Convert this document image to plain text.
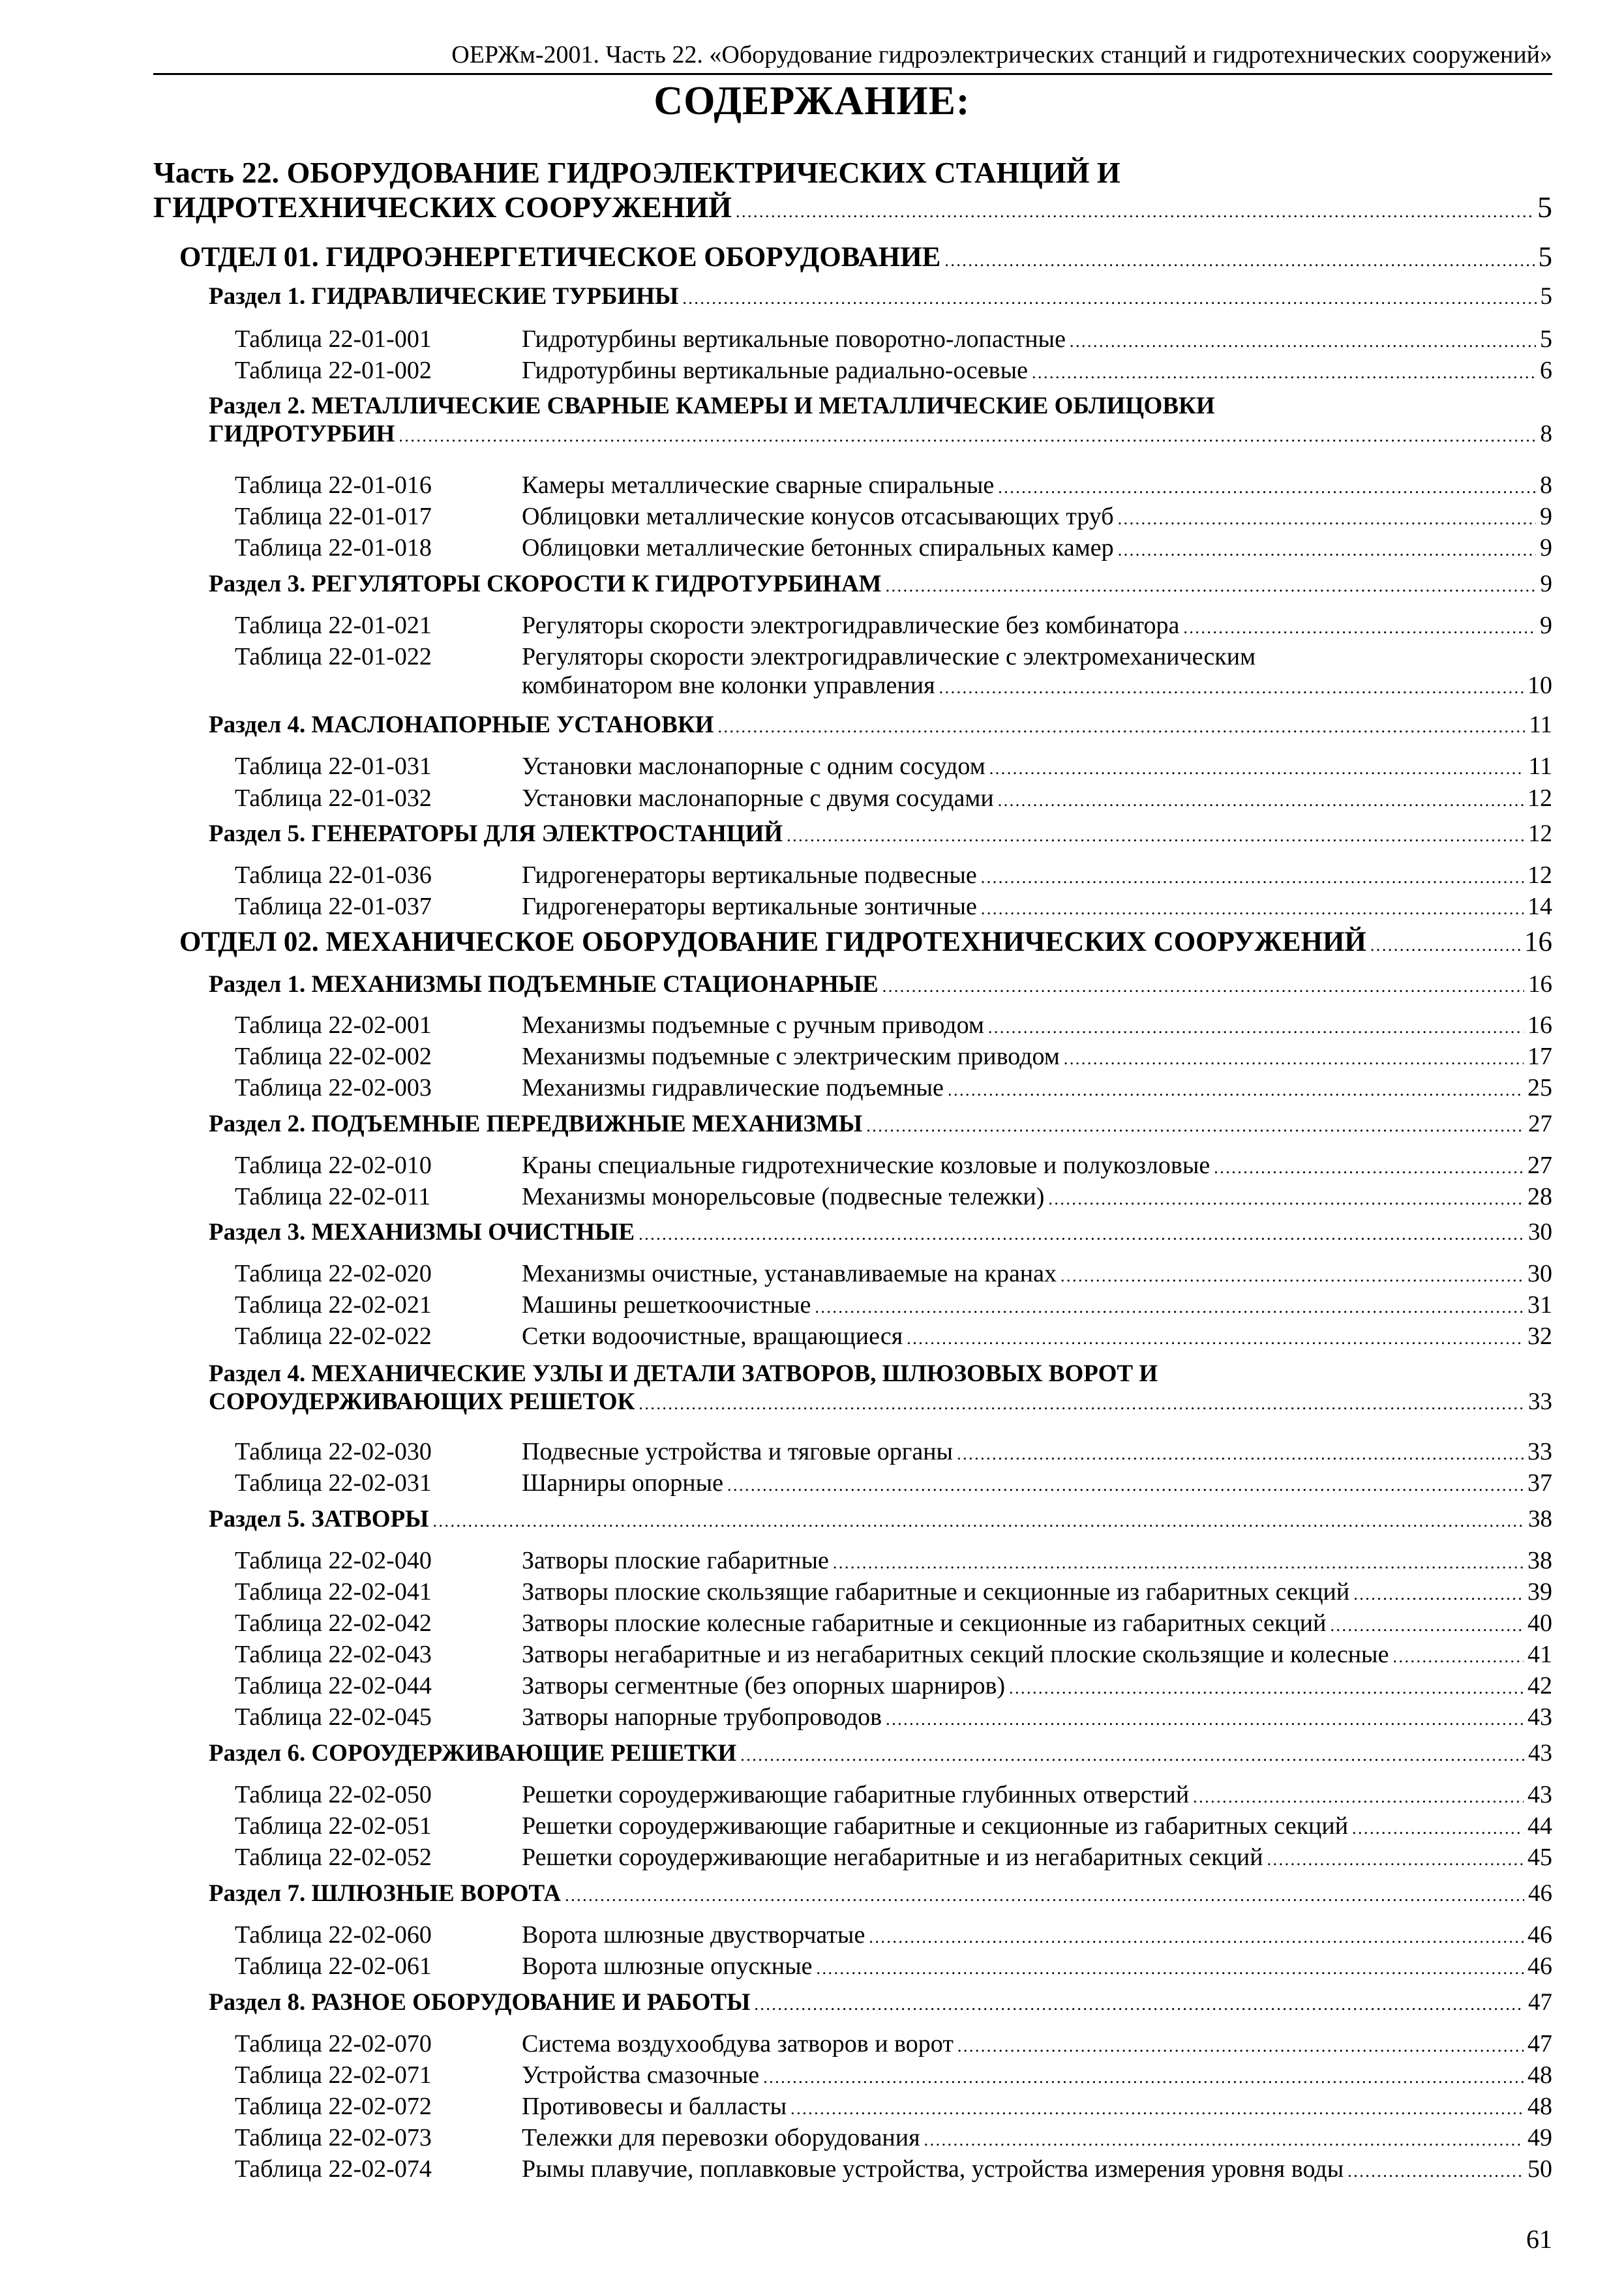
ОЕРЖм-2001. Часть 22. «Оборудование гидроэлектрических станций и гидротехнических сооружений»
СОДЕРЖАНИЕ:
Часть 22. ОБОРУДОВАНИЕ ГИДРОЭЛЕКТРИЧЕСКИХ СТАНЦИЙ И
ГИДРОТЕХНИЧЕСКИХ СООРУЖЕНИЙ . . .	5
ОТДЕЛ 01. ГИДРОЭНЕРГЕТИЧЕСКОЕ ОБОРУДОВАНИЕ . . .	5
Раздел 1. ГИДРАВЛИЧЕСКИЕ ТУРБИНЫ . . .	5
Таблица 22-01-001	Гидротурбины вертикальные поворотно-лопастные . . .	5
Таблица 22-01-002	Гидротурбины вертикальные радиально-осевые . . .	6
Раздел 2. МЕТАЛЛИЧЕСКИЕ СВАРНЫЕ КАМЕРЫ И МЕТАЛЛИЧЕСКИЕ ОБЛИЦОВКИ
ГИДРОТУРБИН . . .	8
Таблица 22-01-016	Камеры металлические сварные спиральные . . .	8
Таблица 22-01-017	Облицовки металлические конусов отсасывающих труб . . .	9
Таблица 22-01-018	Облицовки металлические бетонных спиральных камер . . .	9
Раздел 3. РЕГУЛЯТОРЫ СКОРОСТИ К ГИДРОТУРБИНАМ . . .	9
Таблица 22-01-021	Регуляторы скорости электрогидравлические без комбинатора . . .	9
Таблица 22-01-022	Регуляторы скорости электрогидравлические с электромеханическим
комбинатором вне колонки управления . . .	10
Раздел 4. МАСЛОНАПОРНЫЕ УСТАНОВКИ . . .	11
Таблица 22-01-031	Установки маслонапорные с одним сосудом . . .	11
Таблица 22-01-032	Установки маслонапорные с двумя сосудами . . .	12
Раздел 5. ГЕНЕРАТОРЫ ДЛЯ ЭЛЕКТРОСТАНЦИЙ . . .	12
Таблица 22-01-036	Гидрогенераторы вертикальные подвесные . . .	12
Таблица 22-01-037	Гидрогенераторы вертикальные зонтичные . . .	14
ОТДЕЛ 02. МЕХАНИЧЕСКОЕ ОБОРУДОВАНИЕ ГИДРОТЕХНИЧЕСКИХ СООРУЖЕНИЙ . . .	16
Раздел 1. МЕХАНИЗМЫ ПОДЪЕМНЫЕ СТАЦИОНАРНЫЕ . . .	16
Таблица 22-02-001	Механизмы подъемные с ручным приводом . . .	16
Таблица 22-02-002	Механизмы подъемные с электрическим приводом . . .	17
Таблица 22-02-003	Механизмы гидравлические подъемные . . .	25
Раздел 2. ПОДЪЕМНЫЕ ПЕРЕДВИЖНЫЕ МЕХАНИЗМЫ . . .	27
Таблица 22-02-010	Краны специальные гидротехнические козловые и полукозловые . . .	27
Таблица 22-02-011	Механизмы монорельсовые (подвесные тележки) . . .	28
Раздел 3. МЕХАНИЗМЫ ОЧИСТНЫЕ . . .	30
Таблица 22-02-020	Механизмы очистные, устанавливаемые на кранах . . .	30
Таблица 22-02-021	Машины решеткоочистные . . .	31
Таблица 22-02-022	Сетки водоочистные, вращающиеся . . .	32
Раздел 4. МЕХАНИЧЕСКИЕ УЗЛЫ И ДЕТАЛИ ЗАТВОРОВ, ШЛЮЗОВЫХ ВОРОТ И
СОРОУДЕРЖИВАЮЩИХ РЕШЕТОК . . .	33
Таблица 22-02-030	Подвесные устройства и тяговые органы . . .	33
Таблица 22-02-031	Шарниры опорные . . .	37
Раздел 5. ЗАТВОРЫ . . .	38
Таблица 22-02-040	Затворы плоские габаритные . . .	38
Таблица 22-02-041	Затворы плоские скользящие габаритные и секционные из габаритных секций . . .	39
Таблица 22-02-042	Затворы плоские колесные габаритные и секционные из габаритных секций . . .	40
Таблица 22-02-043	Затворы негабаритные и из негабаритных секций плоские скользящие и колесные . . .	41
Таблица 22-02-044	Затворы сегментные (без опорных шарниров) . . .	42
Таблица 22-02-045	Затворы напорные трубопроводов . . .	43
Раздел 6. СОРОУДЕРЖИВАЮЩИЕ РЕШЕТКИ . . .	43
Таблица 22-02-050	Решетки сороудерживающие габаритные глубинных отверстий . . .	43
Таблица 22-02-051	Решетки сороудерживающие габаритные и секционные из габаритных секций . . .	44
Таблица 22-02-052	Решетки сороудерживающие негабаритные и из негабаритных секций . . .	45
Раздел 7. ШЛЮЗНЫЕ ВОРОТА . . .	46
Таблица 22-02-060	Ворота шлюзные двустворчатые . . .	46
Таблица 22-02-061	Ворота шлюзные опускные . . .	46
Раздел 8. РАЗНОЕ ОБОРУДОВАНИЕ И РАБОТЫ . . .	47
Таблица 22-02-070	Система воздухообдува затворов и ворот . . .	47
Таблица 22-02-071	Устройства смазочные . . .	48
Таблица 22-02-072	Противовесы и балласты . . .	48
Таблица 22-02-073	Тележки для перевозки оборудования . . .	49
Таблица 22-02-074	Рымы плавучие, поплавковые устройства, устройства измерения уровня воды . . .	50
61
